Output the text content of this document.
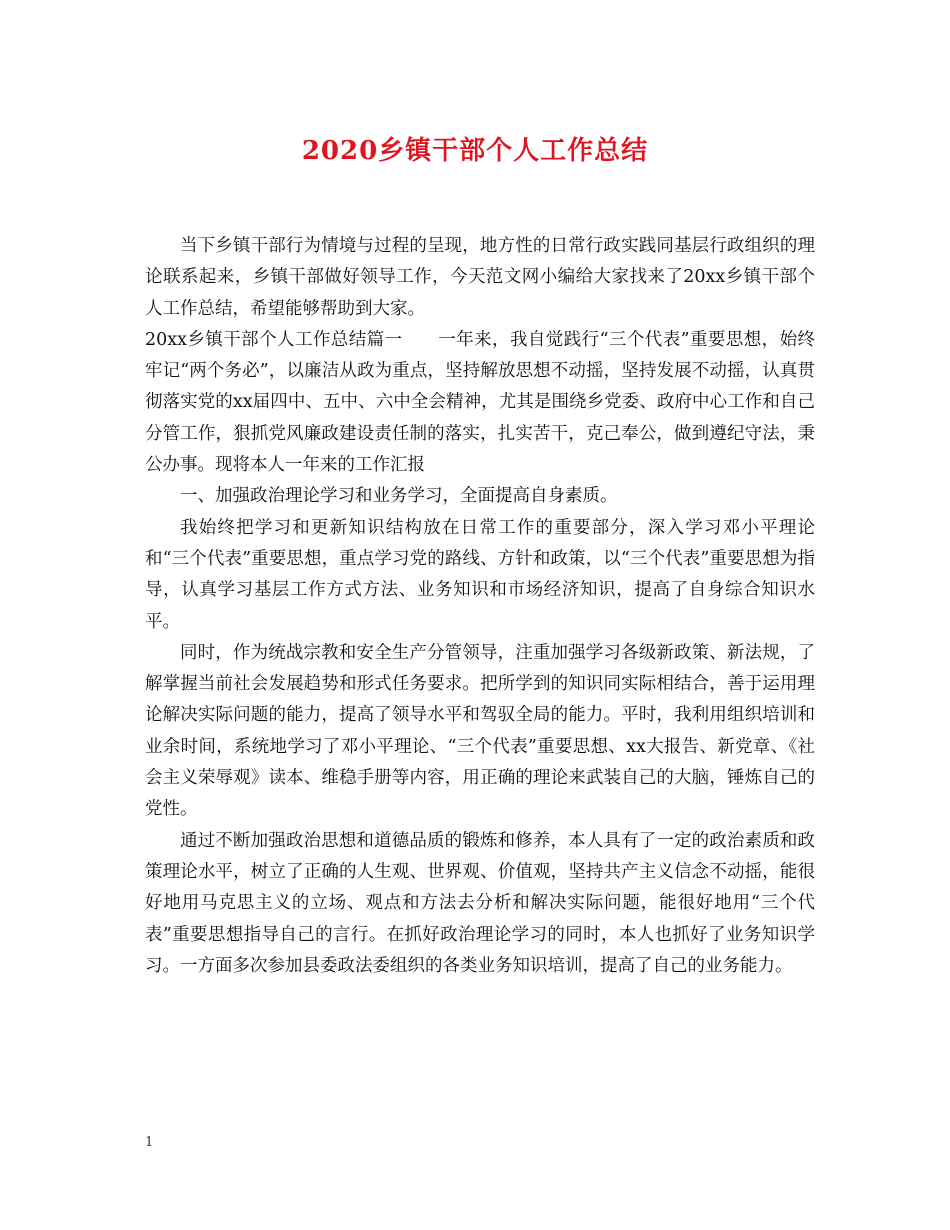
2020乡镇干部个人工作总结

当下乡镇干部行为情境与过程的呈现，地方性的日常行政实践同基层行政组织的理论联系起来，乡镇干部做好领导工作，今天范文网小编给大家找来了20xx乡镇干部个人工作总结，希望能够帮助到大家。

20xx乡镇干部个人工作总结篇一　　一年来，我自觉践行“三个代表”重要思想，始终牢记“两个务必”，以廉洁从政为重点，坚持解放思想不动摇，坚持发展不动摇，认真贯彻落实党的xx届四中、五中、六中全会精神，尤其是围绕乡党委、政府中心工作和自己分管工作，狠抓党风廉政建设责任制的落实，扎实苦干，克己奉公，做到遵纪守法，秉公办事。现将本人一年来的工作汇报

一、加强政治理论学习和业务学习，全面提高自身素质。

我始终把学习和更新知识结构放在日常工作的重要部分，深入学习邓小平理论和“三个代表”重要思想，重点学习党的路线、方针和政策，以“三个代表”重要思想为指导，认真学习基层工作方式方法、业务知识和市场经济知识，提高了自身综合知识水平。

同时，作为统战宗教和安全生产分管领导，注重加强学习各级新政策、新法规，了解掌握当前社会发展趋势和形式任务要求。把所学到的知识同实际相结合，善于运用理论解决实际问题的能力，提高了领导水平和驾驭全局的能力。平时，我利用组织培训和业余时间，系统地学习了邓小平理论、“三个代表”重要思想、xx大报告、新党章、《社会主义荣辱观》读本、维稳手册等内容，用正确的理论来武装自己的大脑，锤炼自己的党性。

通过不断加强政治思想和道德品质的锻炼和修养，本人具有了一定的政治素质和政策理论水平，树立了正确的人生观、世界观、价值观，坚持共产主义信念不动摇，能很好地用马克思主义的立场、观点和方法去分析和解决实际问题，能很好地用“三个代表”重要思想指导自己的言行。在抓好政治理论学习的同时，本人也抓好了业务知识学习。一方面多次参加县委政法委组织的各类业务知识培训，提高了自己的业务能力。

1
